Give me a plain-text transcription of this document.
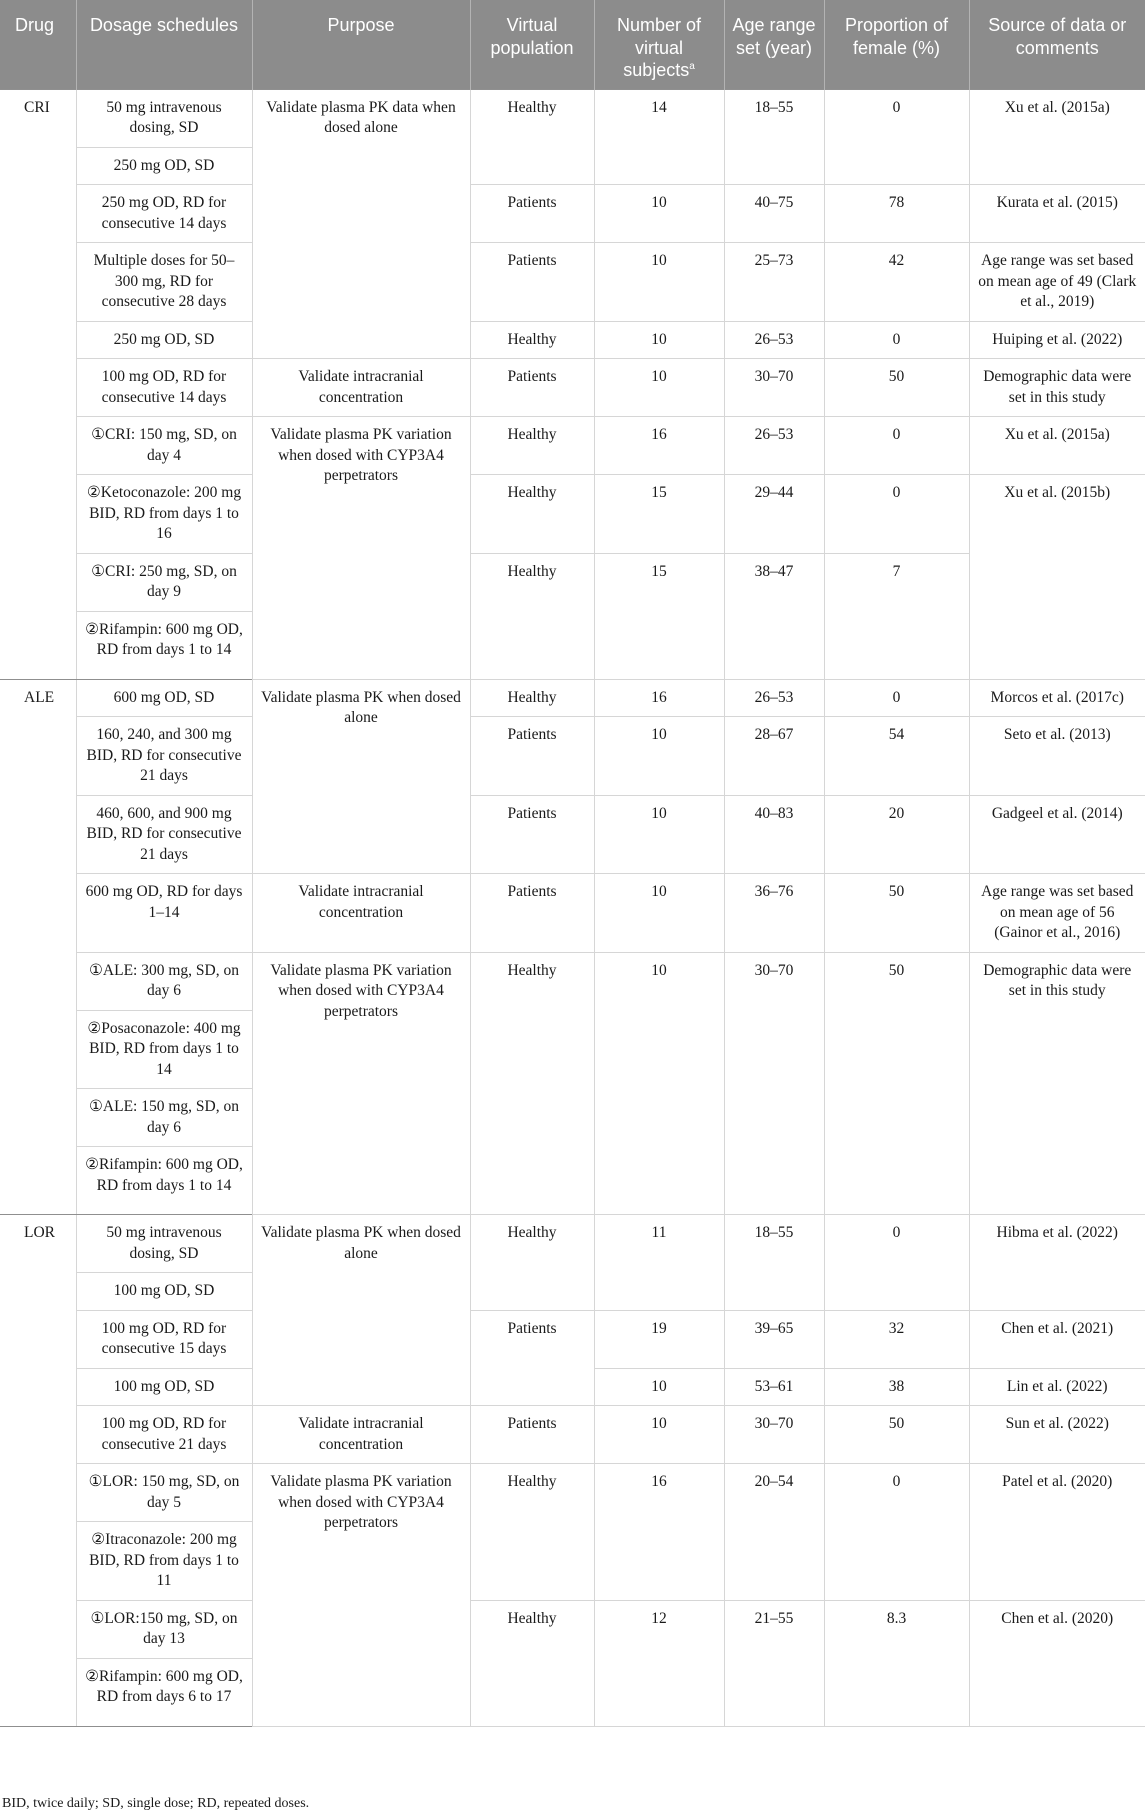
Drug	Dosage schedules	Purpose	Virtual population	Number of virtual subjects$^a$	Age range set (year)	Proportion of female (%)	Source of data or comments
CRI	50 mg intravenous dosing, SD	Validate plasma PK data when dosed alone	Healthy	14	18–55	0	Xu et al. (2015a)
	250 mg OD, SD						
	250 mg OD, RD for consecutive 14 days		Patients	10	40–75	78	Kurata et al. (2015)
	Multiple doses for 50–300 mg, RD for consecutive 28 days		Patients	10	25–73	42	Age range was set based on mean age of 49 (Clark et al., 2019)
	250 mg OD, SD		Healthy	10	26–53	0	Huiping et al. (2022)
	100 mg OD, RD for consecutive 14 days	Validate intracranial concentration	Patients	10	30–70	50	Demographic data were set in this study
	①CRI: 150 mg, SD, on day 4	Validate plasma PK variation when dosed with CYP3A4 perpetrators	Healthy	16	26–53	0	Xu et al. (2015a)
	②Ketoconazole: 200 mg BID, RD from days 1 to 16		Healthy	15	29–44	0	Xu et al. (2015b)
	①CRI: 250 mg, SD, on day 9		Healthy	15	38–47	7	
	②Rifampin: 600 mg OD, RD from days 1 to 14						
ALE	600 mg OD, SD	Validate plasma PK when dosed alone	Healthy	16	26–53	0	Morcos et al. (2017c)
	160, 240, and 300 mg BID, RD for consecutive 21 days		Patients	10	28–67	54	Seto et al. (2013)
	460, 600, and 900 mg BID, RD for consecutive 21 days		Patients	10	40–83	20	Gadgeel et al. (2014)
	600 mg OD, RD for days 1–14	Validate intracranial concentration	Patients	10	36–76	50	Age range was set based on mean age of 56 (Gainor et al., 2016)
	①ALE: 300 mg, SD, on day 6	Validate plasma PK variation when dosed with CYP3A4 perpetrators	Healthy	10	30–70	50	Demographic data were set in this study
	②Posaconazole: 400 mg BID, RD from days 1 to 14						
	①ALE: 150 mg, SD, on day 6						
	②Rifampin: 600 mg OD, RD from days 1 to 14						
LOR	50 mg intravenous dosing, SD	Validate plasma PK when dosed alone	Healthy	11	18–55	0	Hibma et al. (2022)
	100 mg OD, SD						
	100 mg OD, RD for consecutive 15 days		Patients	19	39–65	32	Chen et al. (2021)
	100 mg OD, SD			10	53–61	38	Lin et al. (2022)
	100 mg OD, RD for consecutive 21 days	Validate intracranial concentration	Patients	10	30–70	50	Sun et al. (2022)
	①LOR: 150 mg, SD, on day 5	Validate plasma PK variation when dosed with CYP3A4 perpetrators	Healthy	16	20–54	0	Patel et al. (2020)
	②Itraconazole: 200 mg BID, RD from days 1 to 11						
	①LOR:150 mg, SD, on day 13		Healthy	12	21–55	8.3	Chen et al. (2020)
	②Rifampin: 600 mg OD, RD from days 6 to 17						
BID, twice daily; SD, single dose; RD, repeated doses.
